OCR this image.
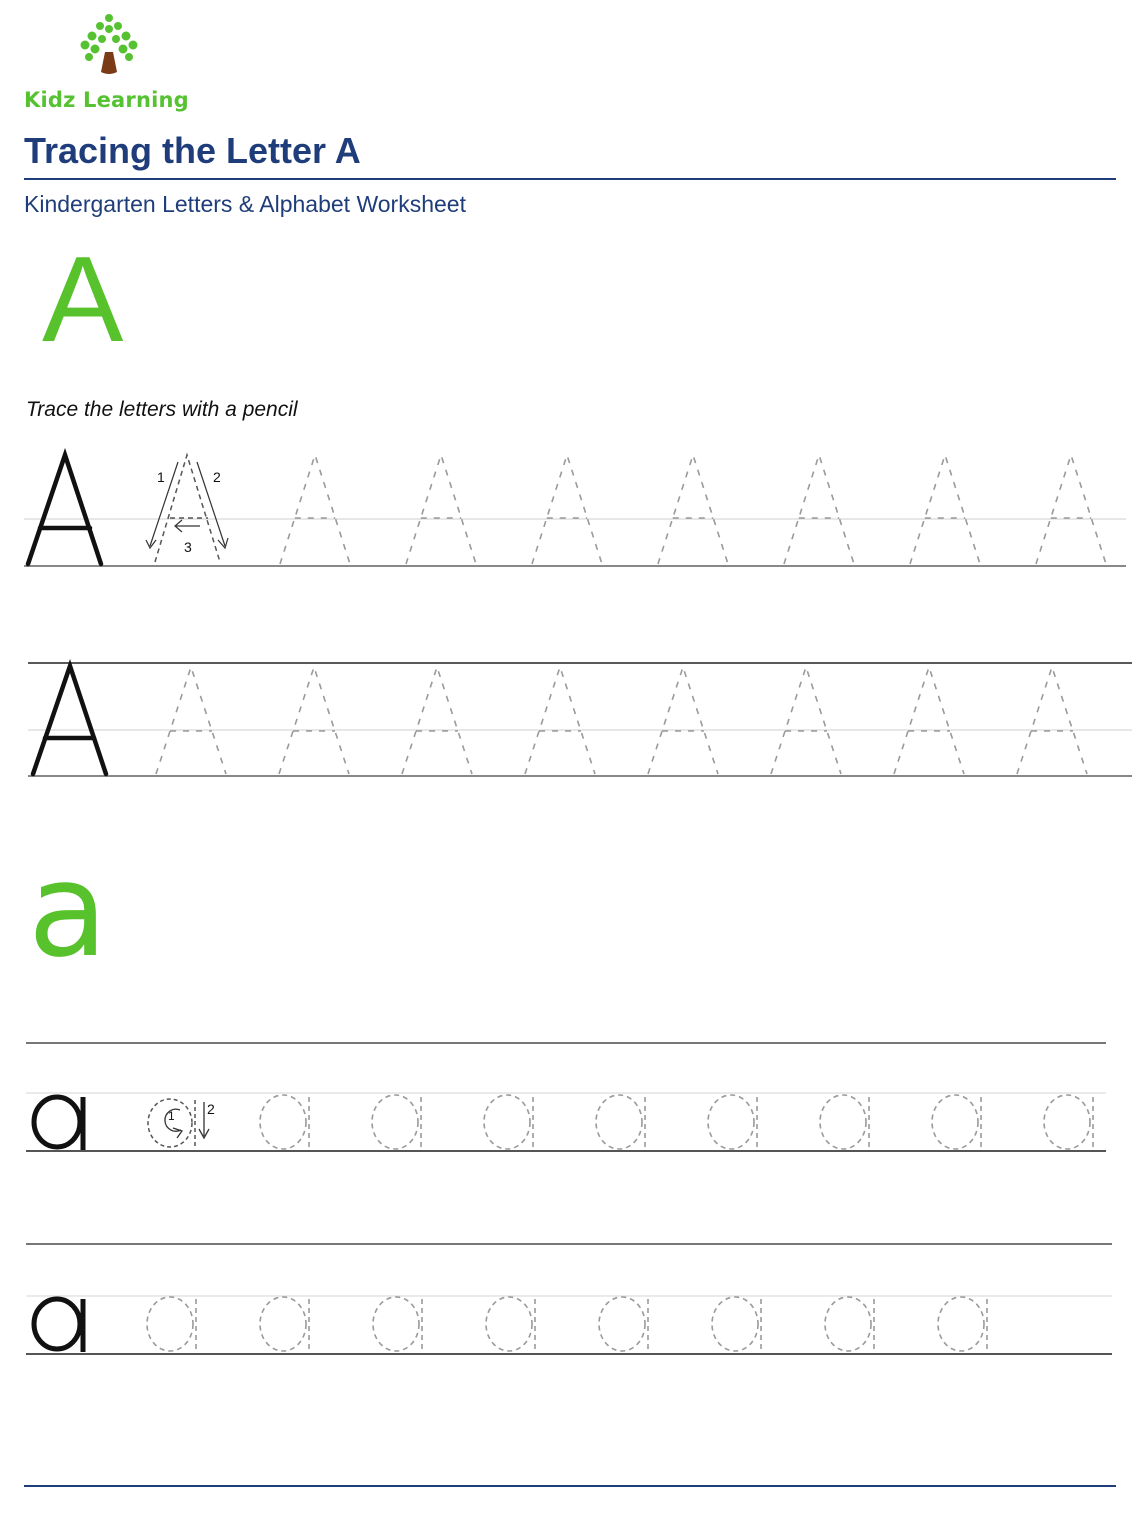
Kidz Learning
Tracing the Letter A
Kindergarten Letters & Alphabet Worksheet
A
Trace the letters with a pencil
1	2
3
a
1 2
